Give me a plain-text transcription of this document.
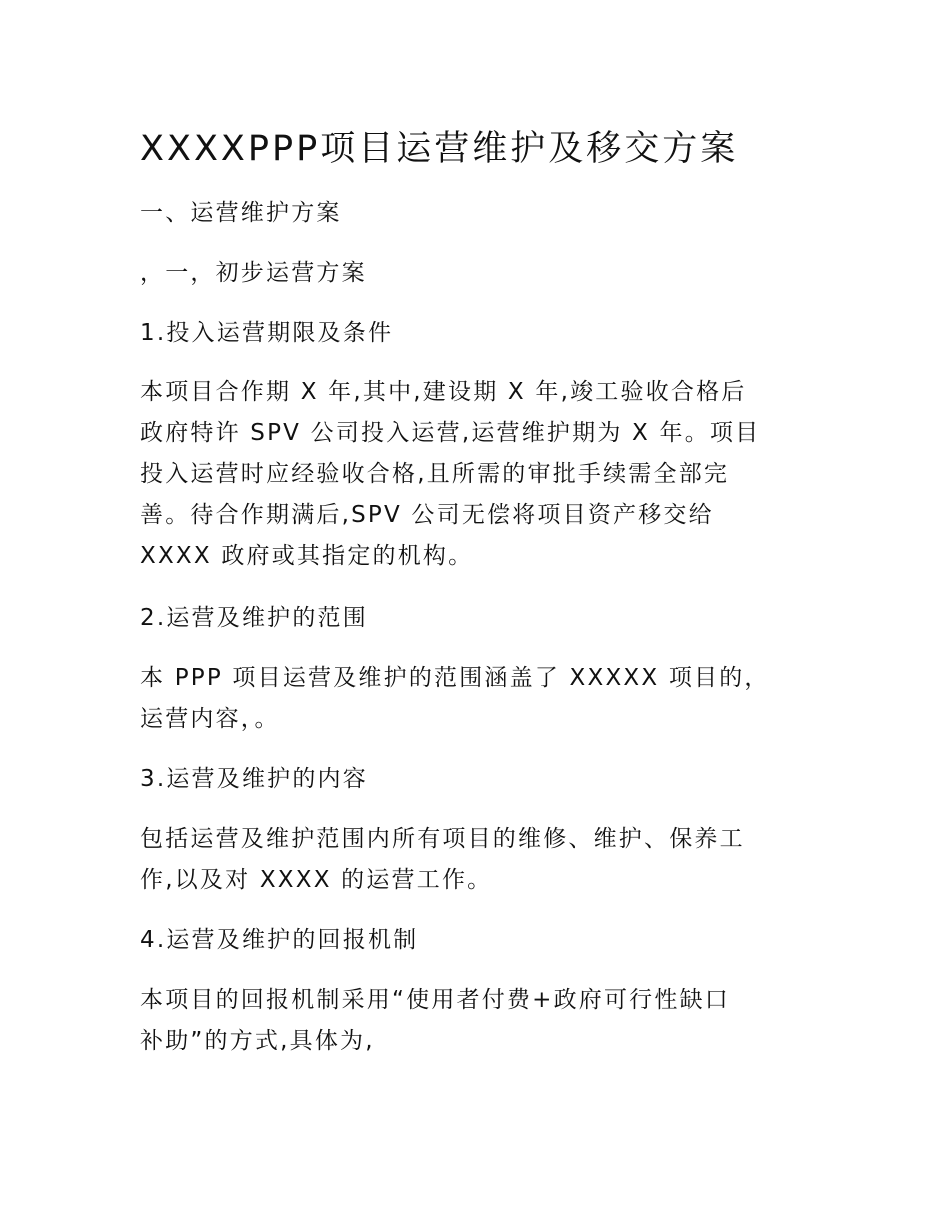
XXXXPPP项目运营维护及移交方案

一、运营维护方案

，一，初步运营方案

1.投入运营期限及条件

本项目合作期 X 年,其中,建设期 X 年,竣工验收合格后
政府特许 SPV 公司投入运营,运营维护期为 X 年。项目
投入运营时应经验收合格,且所需的审批手续需全部完
善。待合作期满后,SPV 公司无偿将项目资产移交给
XXXX 政府或其指定的机构。

2.运营及维护的范围

本 PPP 项目运营及维护的范围涵盖了 XXXXX 项目的，
运营内容，。

3.运营及维护的内容

包括运营及维护范围内所有项目的维修、维护、保养工
作,以及对 XXXX 的运营工作。

4.运营及维护的回报机制

本项目的回报机制采用“使用者付费+政府可行性缺口
补助”的方式,具体为,
